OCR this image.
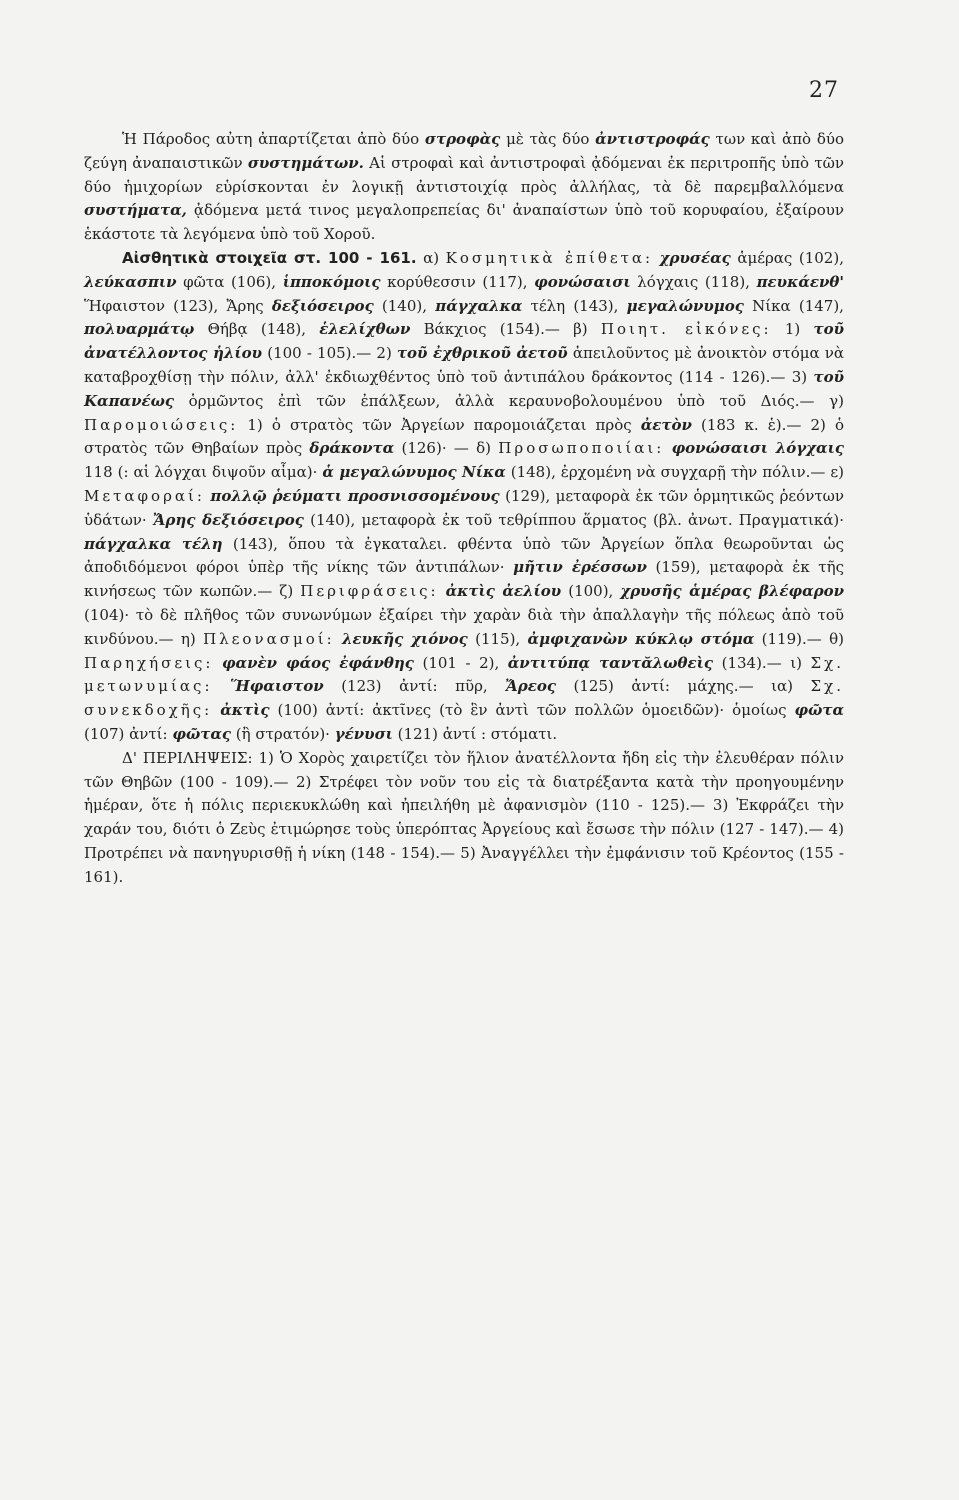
27

Ἡ Πάροδος αὐτη ἀπαρτίζεται ἀπὸ δύο στροφὰς μὲ τὰς δύο ἀντιστροφάς των καὶ ἀπὸ δύο ζεύγη ἀναπαιστικῶν συστημάτων. Αἱ στροφαὶ καὶ ἀντιστροφαὶ ᾀδόμεναι ἐκ περιτροπῆς ὑπὸ τῶν δύο ἡμιχορίων εὑρίσκονται ἐν λογικῇ ἀντιστοιχίᾳ πρὸς ἀλλήλας, τὰ δὲ παρεμβαλλόμενα συστήματα, ᾀδόμενα μετά τινος μεγαλοπρεπείας δι' ἀναπαίστων ὑπὸ τοῦ κορυφαίου, ἐξαίρουν ἑκάστοτε τὰ λεγόμενα ὑπὸ τοῦ Χοροῦ.

Αἰσθητικὰ στοιχεῖα στ. 100 - 161. α) Κοσμητικὰ ἐπίθετα: χρυσέας ἁμέρας (102), λεύκασπιν φῶτα (106), ἱπποκόμοις κορύθεσσιν (117), φονώσαισι λόγχαις (118), πευκάενθ' Ἥφαιστον (123), Ἄρης δεξιόσειρος (140), πάγχαλκα τέλη (143), μεγαλώνυμος Νίκα (147), πολυαρμάτῳ Θήβᾳ (148), ἑλελίχθων Βάκχιος (154).— β) Ποιητ. εἰκόνες: 1) τοῦ ἀνατέλλοντος ἡλίου (100 - 105).— 2) τοῦ ἐχθρικοῦ ἀετοῦ ἀπειλοῦντος μὲ ἀνοικτὸν στόμα νὰ καταβροχθίσῃ τὴν πόλιν, ἀλλ' ἐκδιωχθέντος ὑπὸ τοῦ ἀντιπάλου δράκοντος (114 - 126).— 3) τοῦ Καπανέως ὁρμῶντος ἐπὶ τῶν ἐπάλξεων, ἀλλὰ κεραυνοβολουμένου ὑπὸ τοῦ Διός.— γ) Παρομοιώσεις: 1) ὁ στρατὸς τῶν Ἀργείων παρομοιάζεται πρὸς ἀετὸν (183 κ. ἑ).— 2) ὁ στρατὸς τῶν Θηβαίων πρὸς δράκοντα (126)· — δ) Προσωποποιίαι: φονώσαισι λόγχαις 118 (: αἱ λόγχαι διψοῦν αἷμα)· ἁ μεγαλώνυμος Νίκα (148), ἐρχομένη νὰ συγχαρῇ τὴν πόλιν.— ε) Μεταφοραί: πολλῷ ῥεύματι προσνισσομένους (129), μεταφορὰ ἐκ τῶν ὁρμητικῶς ῥεόντων ὑδάτων· Ἄρης δεξιόσειρος (140), μεταφορὰ ἐκ τοῦ τεθρίππου ἅρματος (βλ. ἀνωτ. Πραγματικά)· πάγχαλκα τέλη (143), ὅπου τὰ ἐγκαταλει. φθέντα ὑπὸ τῶν Ἀργείων ὅπλα θεωροῦνται ὡς ἀποδιδόμενοι φόροι ὑπὲρ τῆς νίκης τῶν ἀντιπάλων· μῆτιν ἐρέσσων (159), μεταφορὰ ἐκ τῆς κινήσεως τῶν κωπῶν.— ζ) Περιφράσεις: ἀκτὶς ἀελίου (100), χρυσῆς ἁμέρας βλέφαρον (104)· τὸ δὲ πλῆθος τῶν συνωνύμων ἐξαίρει τὴν χαρὰν διὰ τὴν ἀπαλλαγὴν τῆς πόλεως ἀπὸ τοῦ κινδύνου.— η) Πλεονασμοί: λευκῆς χιόνος (115), ἀμφιχανὼν κύκλῳ στόμα (119).— θ) Παρηχήσεις: φανὲν φάος ἐφάνθης (101 - 2), ἀντιτύπᾳ ταντᾰλωθεὶς (134).— ι) Σχ. μετωνυμίας: Ἥφαιστον (123) ἀντί: πῦρ, Ἄρεος (125) ἀντί: μάχης.— ια) Σχ. συνεκδοχῆς: ἀκτὶς (100) ἀντί: ἀκτῖνες (τὸ ἓν ἀντὶ τῶν πολλῶν ὁμοειδῶν)· ὁμοίως φῶτα (107) ἀντί: φῶτας (ἢ στρατόν)· γένυσι (121) ἀντί : στόματι.

Δ' ΠΕΡΙΛΗΨΕΙΣ: 1) Ὁ Χορὸς χαιρετίζει τὸν ἥλιον ἀνατέλλοντα ἤδη εἰς τὴν ἐλευθέραν πόλιν τῶν Θηβῶν (100 - 109).— 2) Στρέφει τὸν νοῦν του εἰς τὰ διατρέξαντα κατὰ τὴν προηγουμένην ἡμέραν, ὅτε ἡ πόλις περιεκυκλώθη καὶ ἠπειλήθη μὲ ἀφανισμὸν (110 - 125).— 3) Ἐκφράζει τὴν χαράν του, διότι ὁ Ζεὺς ἐτιμώρησε τοὺς ὑπερόπτας Ἀργείους καὶ ἔσωσε τὴν πόλιν (127 - 147).— 4) Προτρέπει νὰ πανηγυρισθῇ ἡ νίκη (148 - 154).— 5) Ἀναγγέλλει τὴν ἐμφάνισιν τοῦ Κρέοντος (155 - 161).
